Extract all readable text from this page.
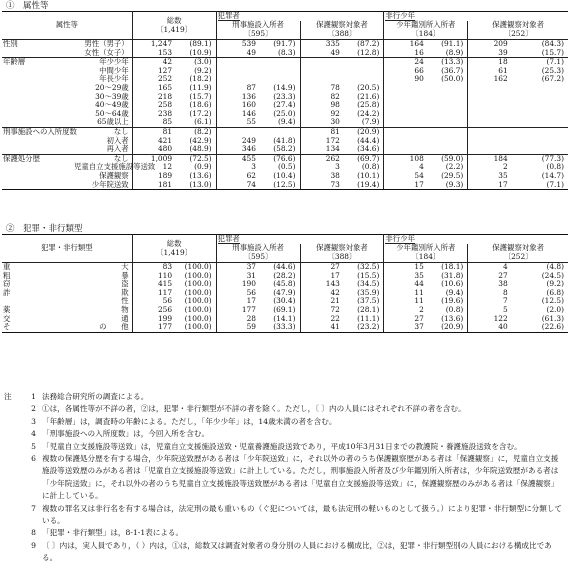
①　属性等
属性等		総数
〔1,419〕		犯罪者				非行少年			
				刑事施設入所者		保護観察対象者		少年鑑別所入所者		保護観察対象者	
				〔595〕		〔388〕		〔184〕		〔252〕	
性別	男性（男子）	1,247	(89.1)	539	(91.7)	335	(87.2)	164	(91.1)	209	(84.3)
	女性（女子）	153	(10.9)	49	(8.3)	49	(12.8)	16	(8.9)	39	(15.7)
年齢層	年少少年	42	(3.0)					24	(13.3)	18	(7.1)
	中間少年	127	(9.2)					66	(36.7)	61	(25.3)
	年長少年	252	(18.2)					90	(50.0)	162	(67.2)
	20〜29歳	165	(11.9)	87	(14.9)	78	(20.5)				
	30〜39歳	218	(15.7)	136	(23.3)	82	(21.6)				
	40〜49歳	258	(18.6)	160	(27.4)	98	(25.8)				
	50〜64歳	238	(17.2)	146	(25.0)	92	(24.2)				
	65歳以上	85	(6.1)	55	(9.4)	30	(7.9)				
刑事施設への入所度数	なし	81	(8.2)			81	(20.9)				
	初入者	421	(42.9)	249	(41.8)	172	(44.4)				
	再入者	480	(48.9)	346	(58.2)	134	(34.6)				
保護処分歴	なし	1,009	(72.5)	455	(76.6)	262	(69.7)	108	(59.0)	184	(77.3)
	児童自立支援施設等送致	12	(0.9)	3	(0.5)	3	(0.8)	4	(2.2)	2	(0.8)
	保護観察	189	(13.6)	62	(10.4)	38	(10.1)	54	(29.5)	35	(14.7)
	少年院送致	181	(13.0)	74	(12.5)	73	(19.4)	17	(9.3)	17	(7.1)
②　犯罪・非行類型
犯罪・非行類型		総数
〔1,419〕		犯罪者				非行少年			
				刑事施設入所者		保護観察対象者		少年鑑別所入所者		保護観察対象者	
				〔595〕		〔388〕		〔184〕		〔252〕	
重	大	83	(100.0)	37	(44.6)	27	(32.5)	15	(18.1)	4	(4.8)
粗	暴	110	(100.0)	31	(28.2)	17	(15.5)	35	(31.8)	27	(24.5)
窃	盗	415	(100.0)	190	(45.8)	143	(34.5)	44	(10.6)	38	(9.2)
詐	欺	117	(100.0)	56	(47.9)	42	(35.9)	11	(9.4)	8	(6.8)
	性	56	(100.0)	17	(30.4)	21	(37.5)	11	(19.6)	7	(12.5)
薬	物	256	(100.0)	177	(69.1)	72	(28.1)	2	(0.8)	5	(2.0)
交	通	199	(100.0)	28	(14.1)	22	(11.1)	27	(13.6)	122	(61.3)
そ	の　　他	177	(100.0)	59	(33.3)	41	(23.2)	37	(20.9)	40	(22.6)
注	1 法務総合研究所の調査による。
2 ①は，各属性等が不詳の者，②は，犯罪・非行類型が不詳の者を除く。ただし，〔 〕内の人員にはそれぞれ不詳の者を含む。
3 「年齢層」は，調査時の年齢による。ただし，「年少少年」は，14歳未満の者を含む。
4 「刑事施設への入所度数」は，今回入所を含む。
5 「児童自立支援施設等送致」は，児童自立支援施設送致・児童養護施設送致であり，平成10年3月31日までの教護院・養護施設送致を含む。
6 複数の保護処分歴を有する場合，少年院送致歴がある者は「少年院送致」に，それ以外の者のうち保護観察歴がある者は「保護観察」に，児童自立支援施設等送致歴のみがある者は「児童自立支援施設等送致」に計上している。ただし，刑事施設入所者及び少年鑑別所入所者は，少年院送致歴がある者は「少年院送致」に，それ以外の者のうち児童自立支援施設等送致歴がある者は「児童自立支援施設等送致」に，保護観察歴のみがある者は「保護観察」に計上している。
7 複数の罪名又は非行名を有する場合は，法定刑の最も重いもの（ぐ犯については，最も法定刑の軽いものとして扱う。）により犯罪・非行類型に分類している。
8 「犯罪・非行類型」は，8-1-1表による。
9 〔 〕内は，実人員であり，（ ）内は，①は，総数又は調査対象者の身分別の人員における構成比，②は，犯罪・非行類型別の人員における構成比である。
